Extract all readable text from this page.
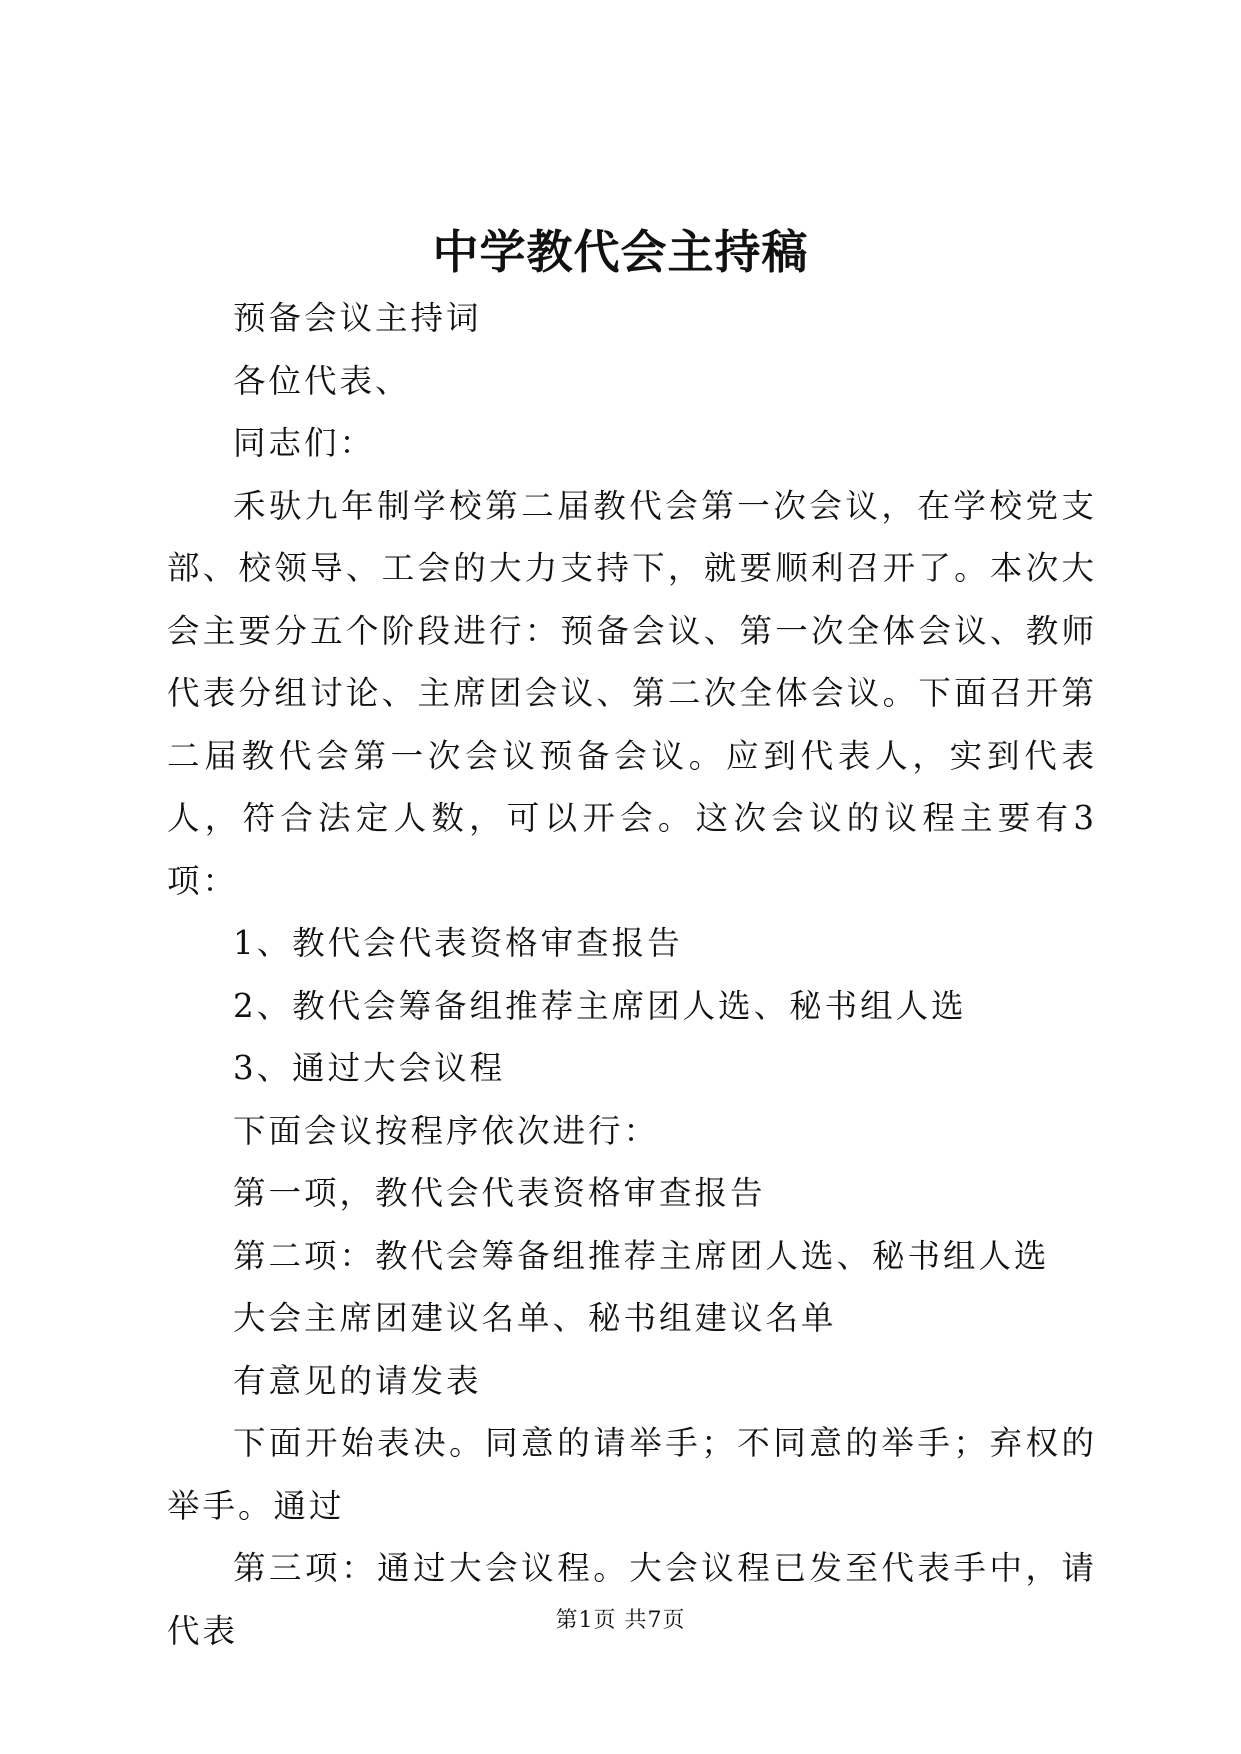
中学教代会主持稿

预备会议主持词

各位代表、

同志们：

禾驮九年制学校第二届教代会第一次会议，在学校党支部、校领导、工会的大力支持下，就要顺利召开了。本次大会主要分五个阶段进行：预备会议、第一次全体会议、教师代表分组讨论、主席团会议、第二次全体会议。下面召开第二届教代会第一次会议预备会议。应到代表人，实到代表人，符合法定人数，可以开会。这次会议的议程主要有3项：

1、教代会代表资格审查报告

2、教代会筹备组推荐主席团人选、秘书组人选

3、通过大会议程

下面会议按程序依次进行：

第一项，教代会代表资格审查报告

第二项：教代会筹备组推荐主席团人选、秘书组人选

大会主席团建议名单、秘书组建议名单

有意见的请发表

下面开始表决。同意的请举手；不同意的举手；弃权的举手。通过

第三项：通过大会议程。大会议程已发至代表手中，请代表	第1页 共7页
